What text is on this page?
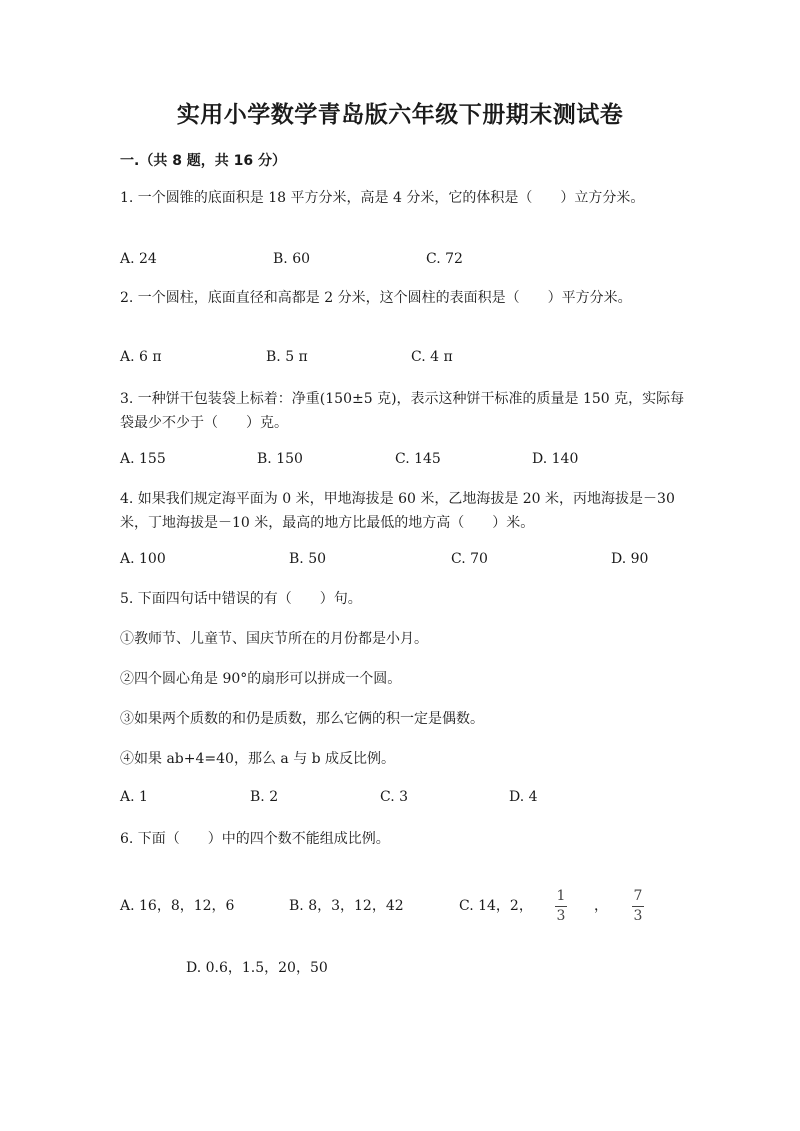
实用小学数学青岛版六年级下册期末测试卷
一.（共 8 题，共 16 分）
1. 一个圆锥的底面积是 18 平方分米，高是 4 分米，它的体积是（　　）立方分米。
A. 24	B. 60	C. 72
2. 一个圆柱，底面直径和高都是 2 分米，这个圆柱的表面积是（　　）平方分米。
A. 6 π	B. 5 π	C. 4 π
3. 一种饼干包装袋上标着：净重(150±5 克)，表示这种饼干标准的质量是 150 克，实际每袋最少不少于（　　）克。
A. 155	B. 150	C. 145	D. 140
4. 如果我们规定海平面为 0 米，甲地海拔是 60 米，乙地海拔是 20 米，丙地海拔是－30 米，丁地海拔是－10 米，最高的地方比最低的地方高（　　）米。
A. 100	B. 50	C. 70	D. 90
5. 下面四句话中错误的有（　　）句。
①教师节、儿童节、国庆节所在的月份都是小月。
②四个圆心角是 90°的扇形可以拼成一个圆。
③如果两个质数的和仍是质数，那么它俩的积一定是偶数。
④如果 ab+4=40，那么 a 与 b 成反比例。
A. 1	B. 2	C. 3	D. 4
6. 下面（　　）中的四个数不能组成比例。
A. 16，8，12，6	B. 8，3，12，42	C. 14，2，
1
3
，
7
3
D. 0.6，1.5，20，50
